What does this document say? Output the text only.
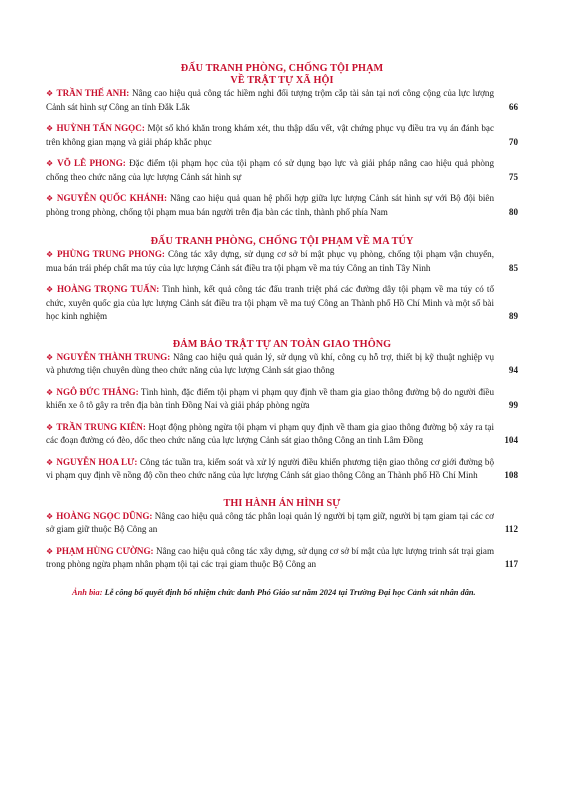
ĐẤU TRANH PHÒNG, CHỐNG TỘI PHẠM
VỀ TRẬT TỰ XÃ HỘI
❖ TRẦN THẾ ANH: Nâng cao hiệu quả công tác hiềm nghi đối tượng trộm cắp tài sản tại nơi công cộng của lực lượng Cảnh sát hình sự Công an tỉnh Đắk Lắk	66
❖ HUỲNH TẤN NGỌC: Một số khó khăn trong khám xét, thu thập dấu vết, vật chứng phục vụ điều tra vụ án đánh bạc trên không gian mạng và giải pháp khắc phục	70
❖ VÕ LÊ PHONG: Đặc điểm tội phạm học của tội phạm có sử dụng bạo lực và giải pháp nâng cao hiệu quả phòng chống theo chức năng của lực lượng Cảnh sát hình sự	75
❖ NGUYỄN QUỐC KHÁNH: Nâng cao hiệu quả quan hệ phối hợp giữa lực lượng Cảnh sát hình sự với Bộ đội biên phòng trong phòng, chống tội phạm mua bán người trên địa bàn các tỉnh, thành phố phía Nam	80
ĐẤU TRANH PHÒNG, CHỐNG TỘI PHẠM VỀ MA TÚY
❖ PHÙNG TRUNG PHONG: Công tác xây dựng, sử dụng cơ sở bí mật phục vụ phòng, chống tội phạm vận chuyển, mua bán trái phép chất ma túy của lực lượng Cảnh sát điều tra tội phạm về ma túy Công an tỉnh Tây Ninh	85
❖ HOÀNG TRỌNG TUẤN: Tình hình, kết quả công tác đấu tranh triệt phá các đường dây tội phạm về ma túy có tổ chức, xuyên quốc gia của lực lượng Cảnh sát điều tra tội phạm về ma tuý Công an Thành phố Hồ Chí Minh và một số bài học kinh nghiệm	89
ĐẢM BẢO TRẬT TỰ AN TOÀN GIAO THÔNG
❖ NGUYỄN THÀNH TRUNG: Nâng cao hiệu quả quản lý, sử dụng vũ khí, công cụ hỗ trợ, thiết bị kỹ thuật nghiệp vụ và phương tiện chuyên dùng theo chức năng của lực lượng Cảnh sát giao thông	94
❖ NGÔ ĐỨC THẮNG: Tình hình, đặc điểm tội phạm vi phạm quy định về tham gia giao thông đường bộ do người điều khiển xe ô tô gây ra trên địa bàn tỉnh Đồng Nai và giải pháp phòng ngừa	99
❖ TRẦN TRUNG KIÊN: Hoạt động phòng ngừa tội phạm vi phạm quy định về tham gia giao thông đường bộ xảy ra tại các đoạn đường có đèo, dốc theo chức năng của lực lượng Cảnh sát giao thông Công an tỉnh Lâm Đồng	104
❖ NGUYỄN HOA LƯ: Công tác tuần tra, kiểm soát và xử lý người điều khiển phương tiện giao thông cơ giới đường bộ vi phạm quy định về nồng độ cồn theo chức năng của lực lượng Cảnh sát giao thông Công an Thành phố Hồ Chí Minh	108
THI HÀNH ÁN HÌNH SỰ
❖ HOÀNG NGỌC DŨNG: Nâng cao hiệu quả công tác phân loại quản lý người bị tạm giữ, người bị tạm giam tại các cơ sở giam giữ thuộc Bộ Công an	112
❖ PHẠM HÙNG CƯỜNG: Nâng cao hiệu quả công tác xây dựng, sử dụng cơ sở bí mật của lực lượng trinh sát trại giam trong phòng ngừa phạm nhân phạm tội tại các trại giam thuộc Bộ Công an	117
Ảnh bìa: Lễ công bố quyết định bổ nhiệm chức danh Phó Giáo sư năm 2024 tại Trường Đại học Cảnh sát nhân dân.
